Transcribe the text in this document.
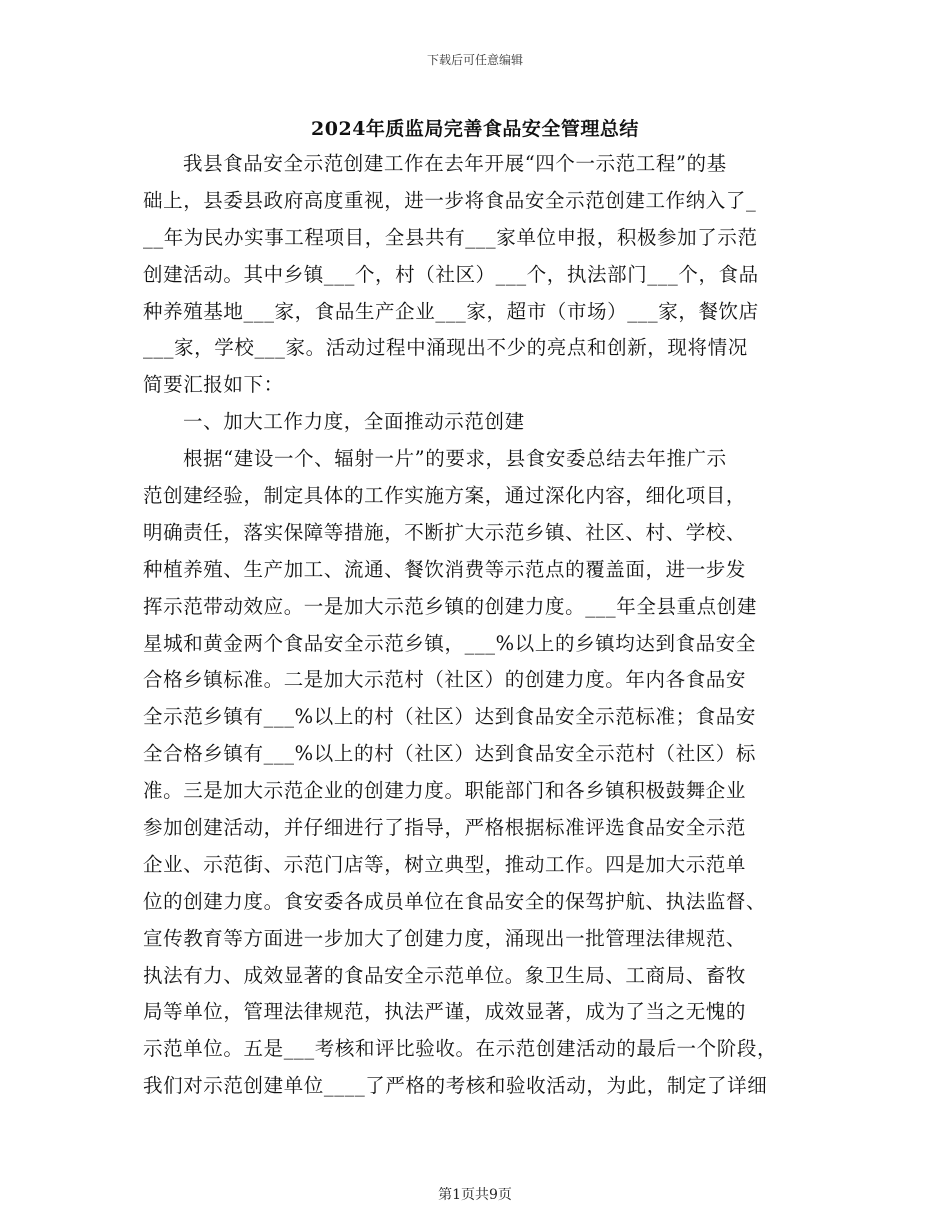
下载后可任意编辑
2024年质监局完善食品安全管理总结
我县食品安全示范创建工作在去年开展“四个一示范工程”的基
础上，县委县政府高度重视，进一步将食品安全示范创建工作纳入了_
__年为民办实事工程项目，全县共有___家单位申报，积极参加了示范
创建活动。其中乡镇___个，村（社区）___个，执法部门___个，食品
种养殖基地___家，食品生产企业___家，超市（市场）___家，餐饮店
___家，学校___家。活动过程中涌现出不少的亮点和创新，现将情况
简要汇报如下：
一、加大工作力度，全面推动示范创建
根据“建设一个、辐射一片”的要求，县食安委总结去年推广示
范创建经验，制定具体的工作实施方案，通过深化内容，细化项目，
明确责任，落实保障等措施，不断扩大示范乡镇、社区、村、学校、
种植养殖、生产加工、流通、餐饮消费等示范点的覆盖面，进一步发
挥示范带动效应。一是加大示范乡镇的创建力度。___年全县重点创建
星城和黄金两个食品安全示范乡镇，___%以上的乡镇均达到食品安全
合格乡镇标准。二是加大示范村（社区）的创建力度。年内各食品安
全示范乡镇有___%以上的村（社区）达到食品安全示范标准；食品安
全合格乡镇有___%以上的村（社区）达到食品安全示范村（社区）标
准。三是加大示范企业的创建力度。职能部门和各乡镇积极鼓舞企业
参加创建活动，并仔细进行了指导，严格根据标准评选食品安全示范
企业、示范街、示范门店等，树立典型，推动工作。四是加大示范单
位的创建力度。食安委各成员单位在食品安全的保驾护航、执法监督、
宣传教育等方面进一步加大了创建力度，涌现出一批管理法律规范、
执法有力、成效显著的食品安全示范单位。象卫生局、工商局、畜牧
局等单位，管理法律规范，执法严谨，成效显著，成为了当之无愧的
示范单位。五是___考核和评比验收。在示范创建活动的最后一个阶段，
我们对示范创建单位____了严格的考核和验收活动，为此，制定了详细
第1页共9页
